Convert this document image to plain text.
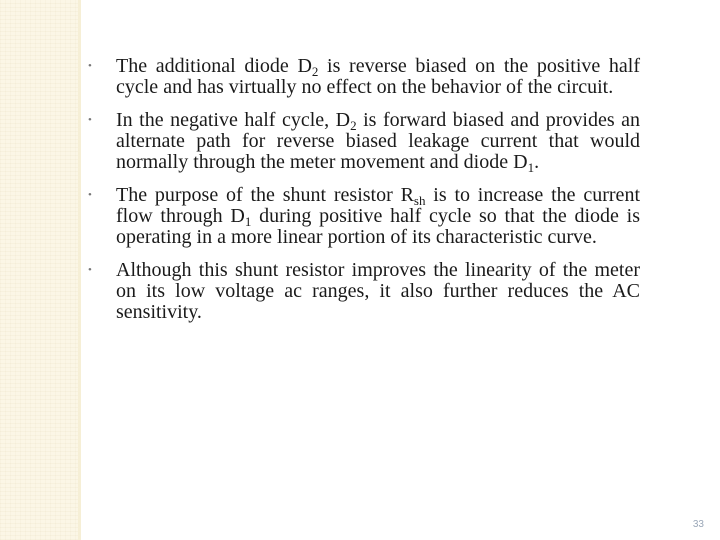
• The additional diode $D_2$ is reverse biased on the positive half cycle and has virtually no effect on the behavior of the circuit.
• In the negative half cycle, $D_2$ is forward biased and provides an alternate path for reverse biased leakage current that would normally through the meter movement and diode $D_1$.
• The purpose of the shunt resistor $R_{sh}$ is to increase the current flow through $D_1$ during positive half cycle so that the diode is operating in a more linear portion of its characteristic curve.
• Although this shunt resistor improves the linearity of the meter on its low voltage ac ranges, it also further reduces the AC sensitivity.
33
